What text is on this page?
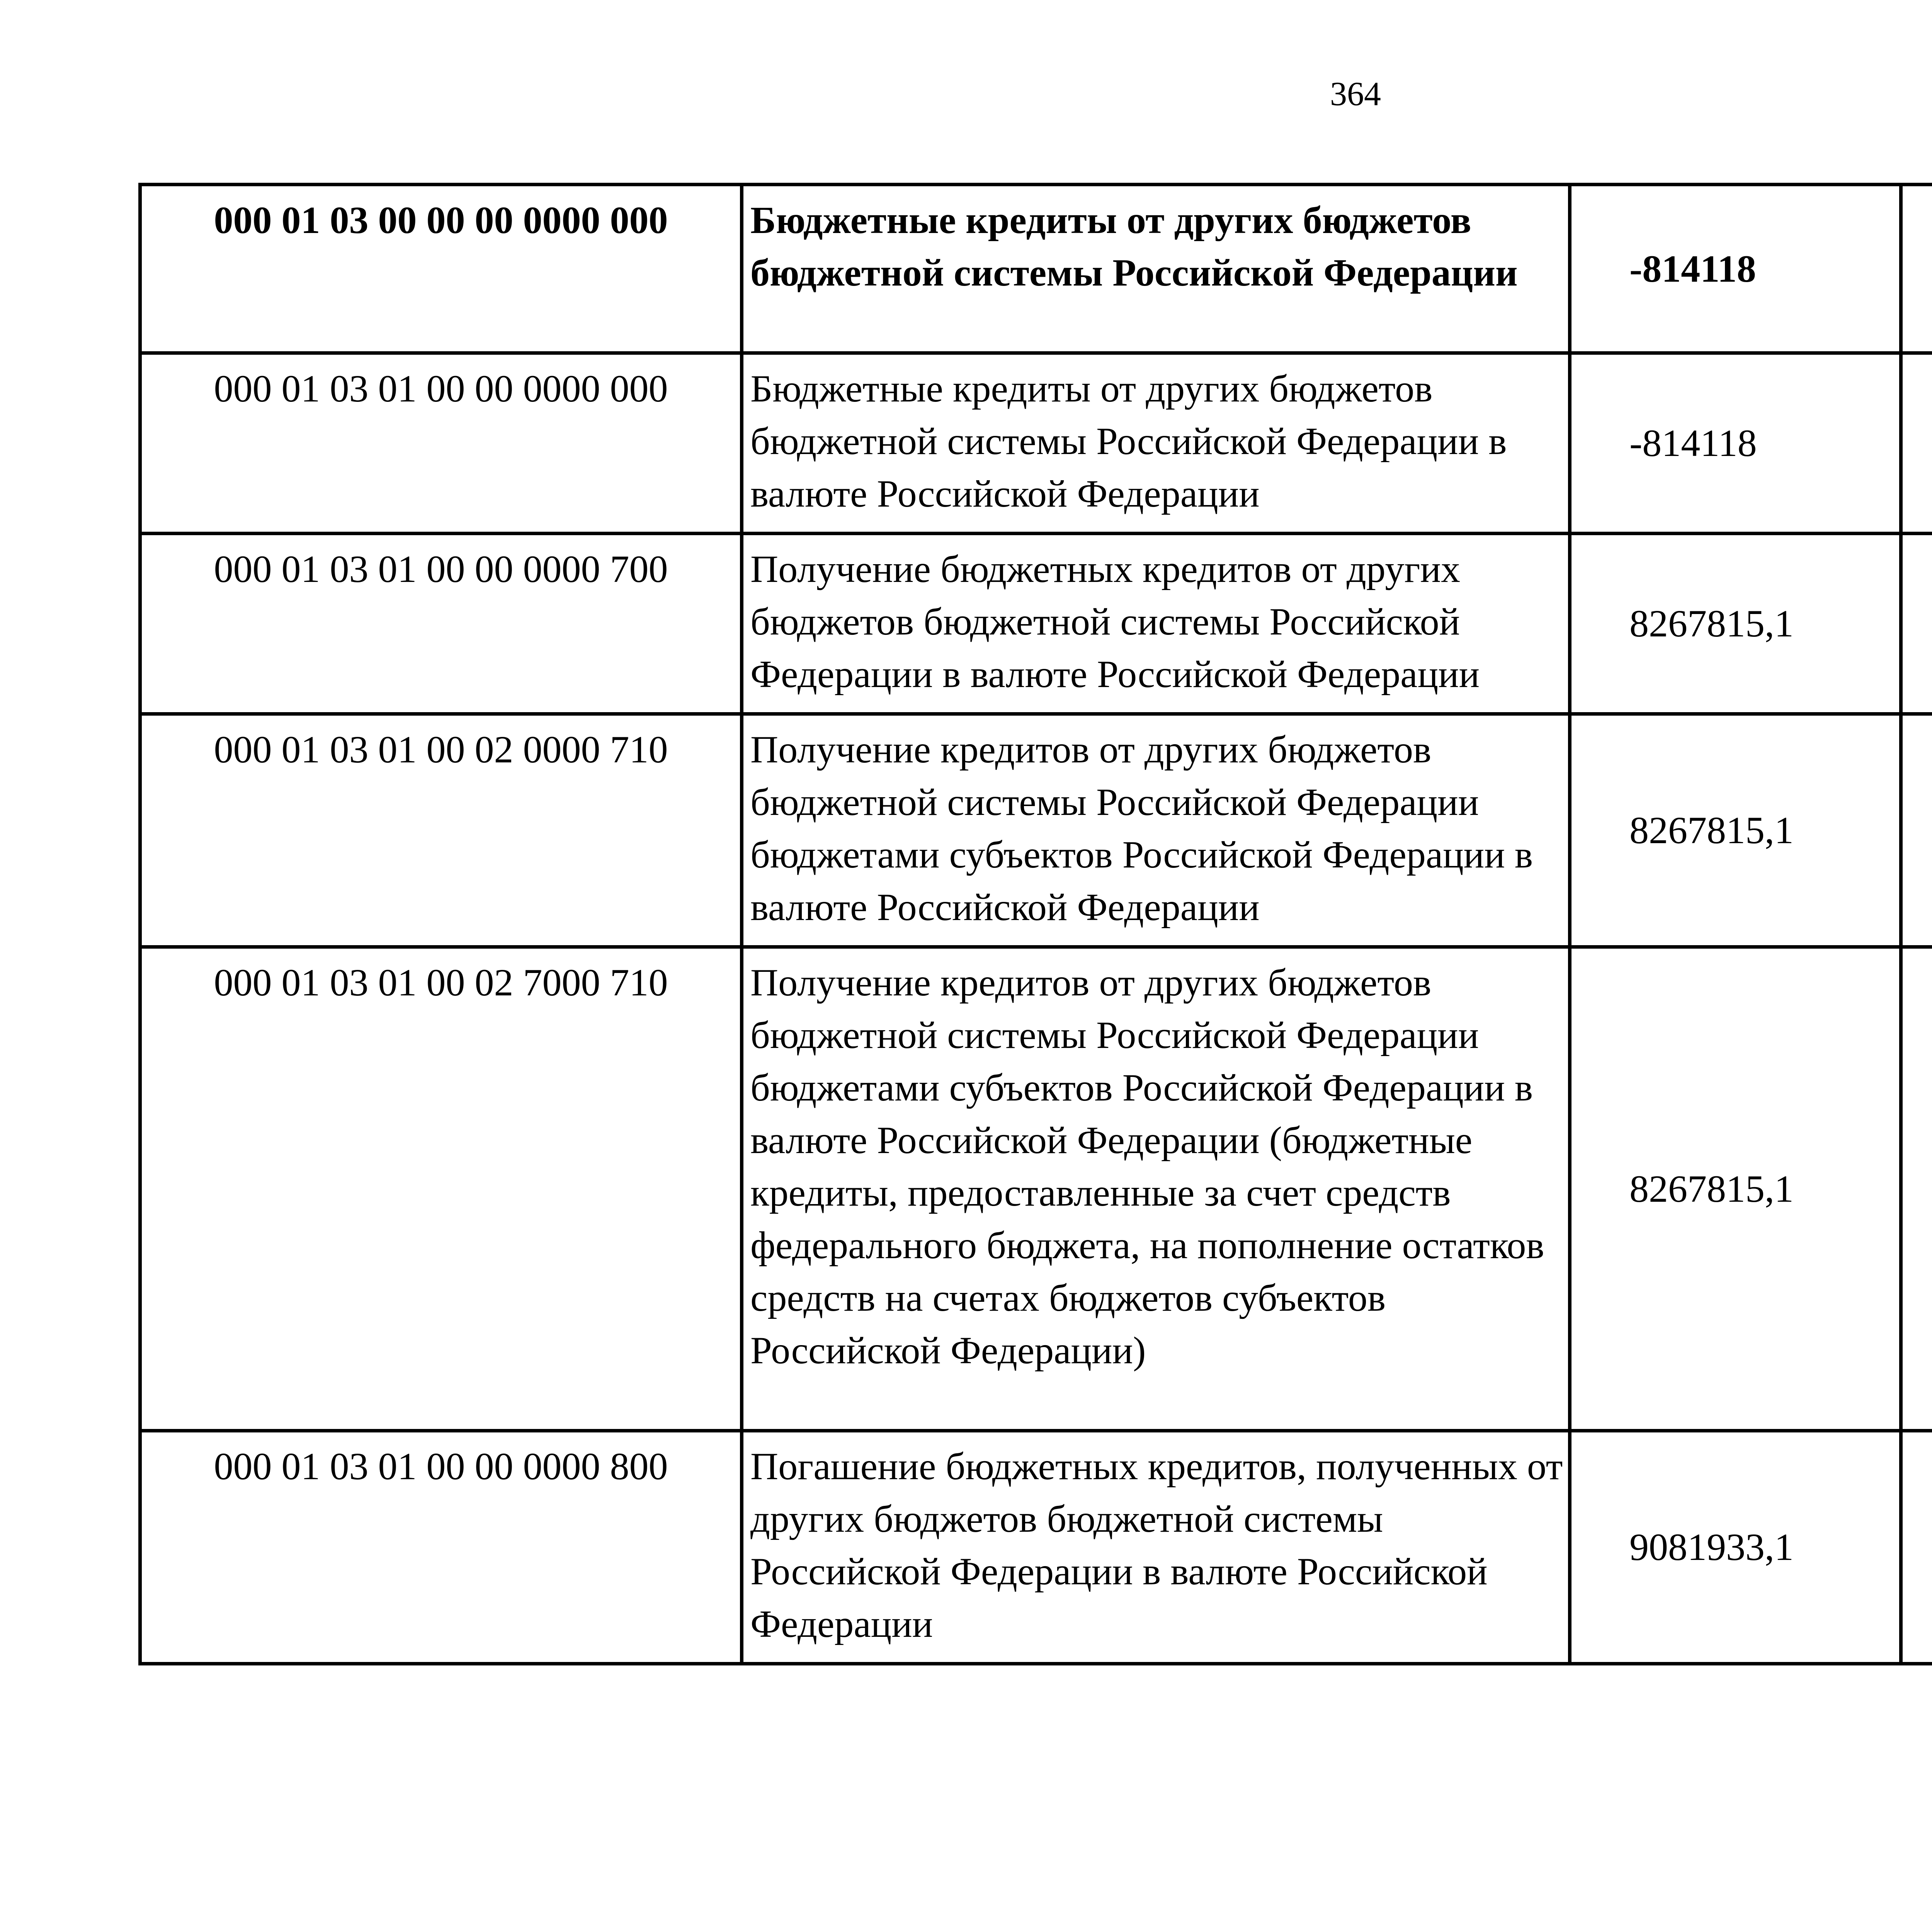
364
000 01 03 00 00 00 0000 000	Бюджетные кредиты от других бюджетов бюджетной системы Российской Федерации	-814118		
000 01 03 01 00 00 0000 000	Бюджетные кредиты от других бюджетов бюджетной системы Российской Федерации в валюте Российской Федерации	-814118		
000 01 03 01 00 00 0000 700	Получение бюджетных кредитов от других бюджетов бюджетной системы Российской Федерации в валюте Российской Федерации	8267815,1		
000 01 03 01 00 02 0000 710	Получение кредитов от других бюджетов бюджетной системы Российской Федерации бюджетами субъектов Российской Федерации в валюте Российской Федерации	8267815,1		
000 01 03 01 00 02 7000 710	Получение кредитов от других бюджетов бюджетной системы Российской Федерации бюджетами субъектов Российской Федерации в валюте Российской Федерации (бюджетные кредиты, предоставленные за счет средств федерального бюджета, на пополнение остатков средств на счетах бюджетов субъектов Российской Федерации)	8267815,1		
000 01 03 01 00 00 0000 800	Погашение бюджетных кредитов, полученных от других бюджетов бюджетной системы Российской Федерации в валюте Российской Федерации	9081933,1		
